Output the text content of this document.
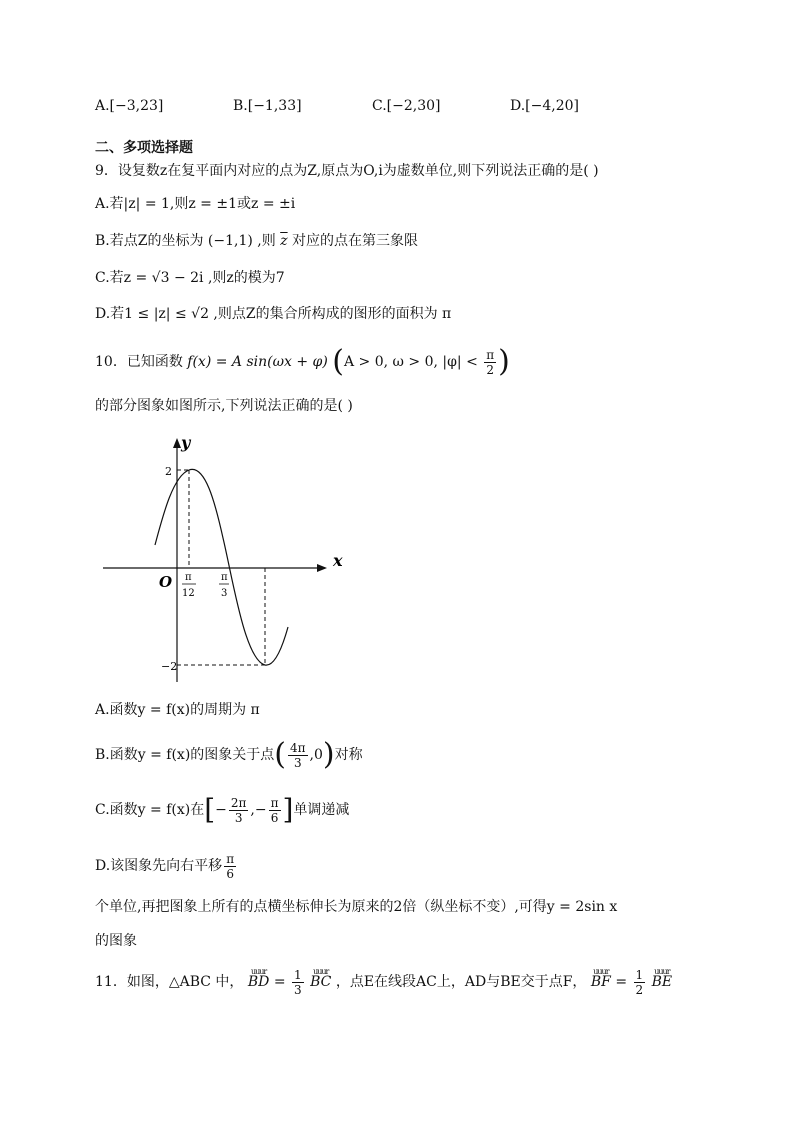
A.[−3,23]	B.[−1,33]	C.[−2,30]	D.[−4,20]
二、多项选择题
9．设复数z在复平面内对应的点为Z,原点为O,i为虚数单位,则下列说法正确的是( )
A.若|z| = 1,则z = ±1或z = ±i
B.若点Z的坐标为 (−1,1) ,则 $\overline{z}$ 对应的点在第三象限
C.若z = √3 − 2i ,则z的模为7
D.若1 ≤ |z| ≤ √2 ,则点Z的集合所构成的图形的面积为 π
10．已知函数 f(x) = A sin(ωx + φ) (A > 0, ω > 0, $|\varphi| < \frac{\pi}{2}$ )
的部分图象如图所示,下列说法正确的是( )
y
x
O
2
−2
π
12
π
3
A.函数y = f(x)的周期为 π
B.函数y = f(x)的图象关于点( $\frac{4\pi}{3} ,0$)对称
C.函数y = f(x)在[− $\frac{2\pi}{3}$ ,− $\frac{\pi}{6}$ ]单调递减
D.该图象先向右平移 $\frac{\pi}{6}$
个单位,再把图象上所有的点横坐标伸长为原来的2倍（纵坐标不变）,可得y = 2sin x
的图象
11．如图，△ABC 中，
uuur
BD = $\frac{1}{3}$
	uuur
BC ，点E在线段AC上，AD与BE交于点F，
uuur
BF = $\frac{1}{2}$
	uuur
BE
